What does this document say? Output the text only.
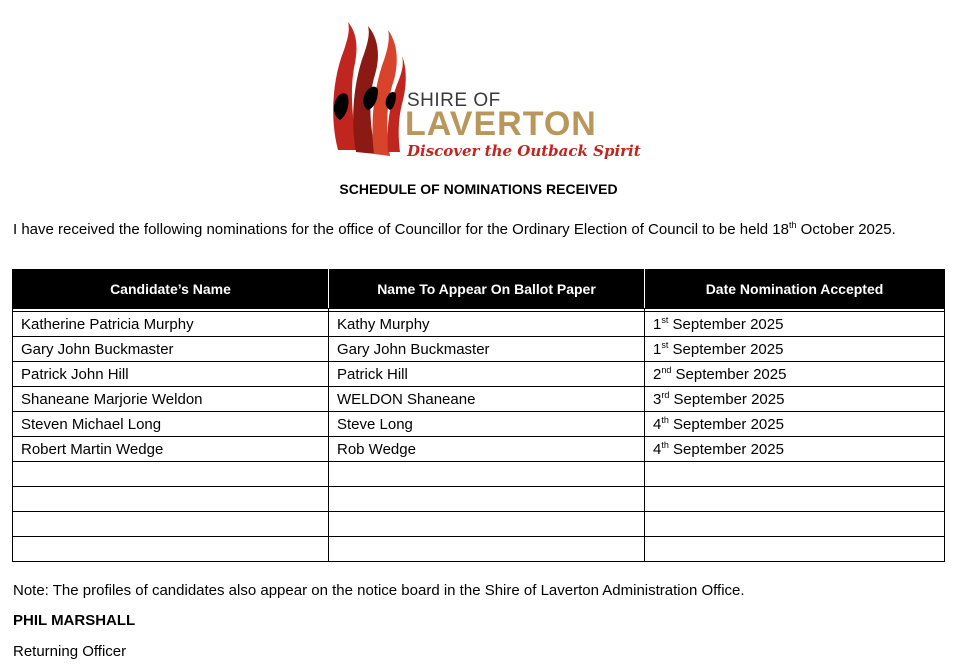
SHIRE OF
LAVERTON
Discover the Outback Spirit
SCHEDULE OF NOMINATIONS RECEIVED
I have received the following nominations for the office of Councillor for the Ordinary Election of Council to be held 18th October 2025.
Candidate’s Name	Name To Appear On Ballot Paper	Date Nomination Accepted

Katherine Patricia Murphy	Kathy Murphy	1st September 2025
Gary John Buckmaster	Gary John Buckmaster	1st September 2025
Patrick John Hill	Patrick Hill	2nd September 2025
Shaneane Marjorie Weldon	WELDON Shaneane	3rd September 2025
Steven Michael Long	Steve Long	4th September 2025
Robert Martin Wedge	Rob Wedge	4th September 2025

Note: The profiles of candidates also appear on the notice board in the Shire of Laverton Administration Office.
PHIL MARSHALL
Returning Officer
